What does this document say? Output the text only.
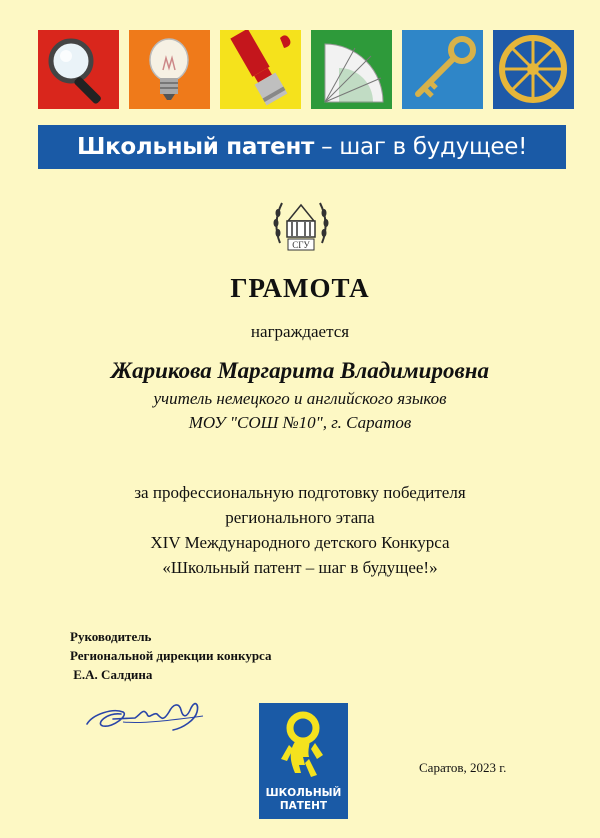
Школьный патент – шаг в будущее!
СГУ
ГРАМОТА
награждается
Жарикова Маргарита Владимировна
учитель немецкого и английского языков
МОУ "СОШ №10", г. Саратов
за профессиональную подготовку победителя
регионального этапа
XIV Международного детского Конкурса
«Школьный патент – шаг в будущее!»
Руководитель
Региональной дирекции конкурса
Е.А. Салдина
ШКОЛЬНЫЙ
ПАТЕНТ
Саратов, 2023 г.
